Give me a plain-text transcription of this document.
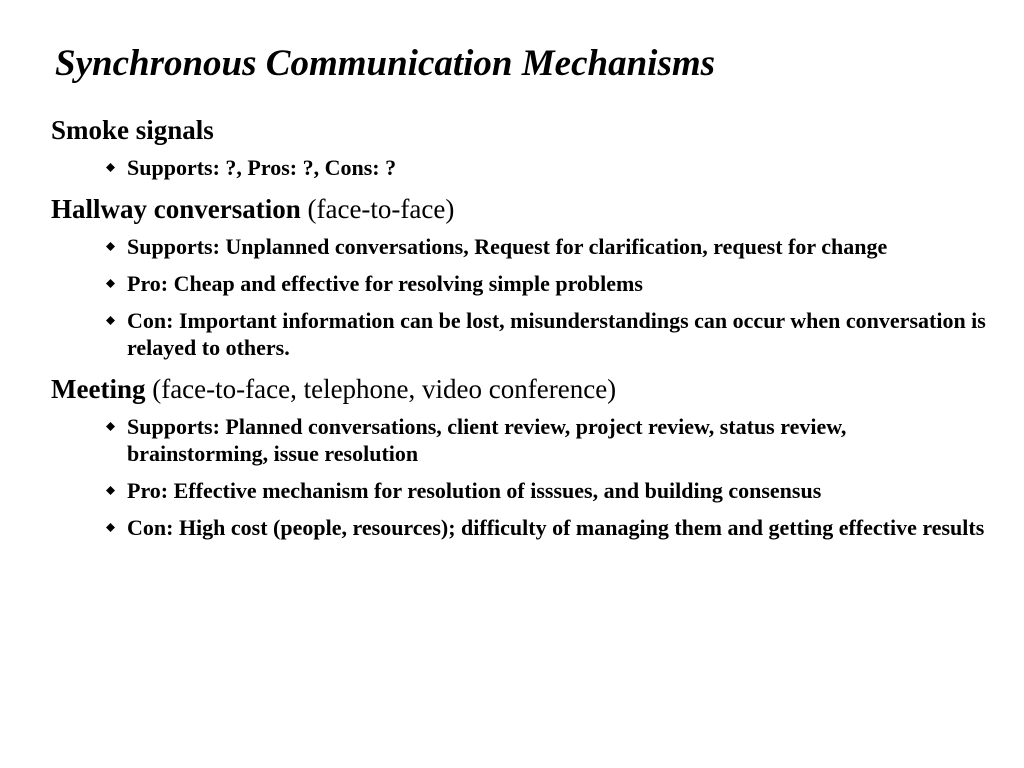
Synchronous Communication Mechanisms
Smoke signals
Supports: ?, Pros: ?, Cons: ?
Hallway conversation (face-to-face)
Supports: Unplanned conversations, Request for clarification, request for change
Pro: Cheap and effective for resolving simple problems
Con: Important information can be lost, misunderstandings can occur when conversation is relayed to others.
Meeting (face-to-face, telephone, video conference)
Supports: Planned conversations, client review, project review, status review, brainstorming, issue resolution
Pro: Effective mechanism for resolution of isssues, and building consensus
Con: High cost (people, resources); difficulty of managing them and getting effective results
